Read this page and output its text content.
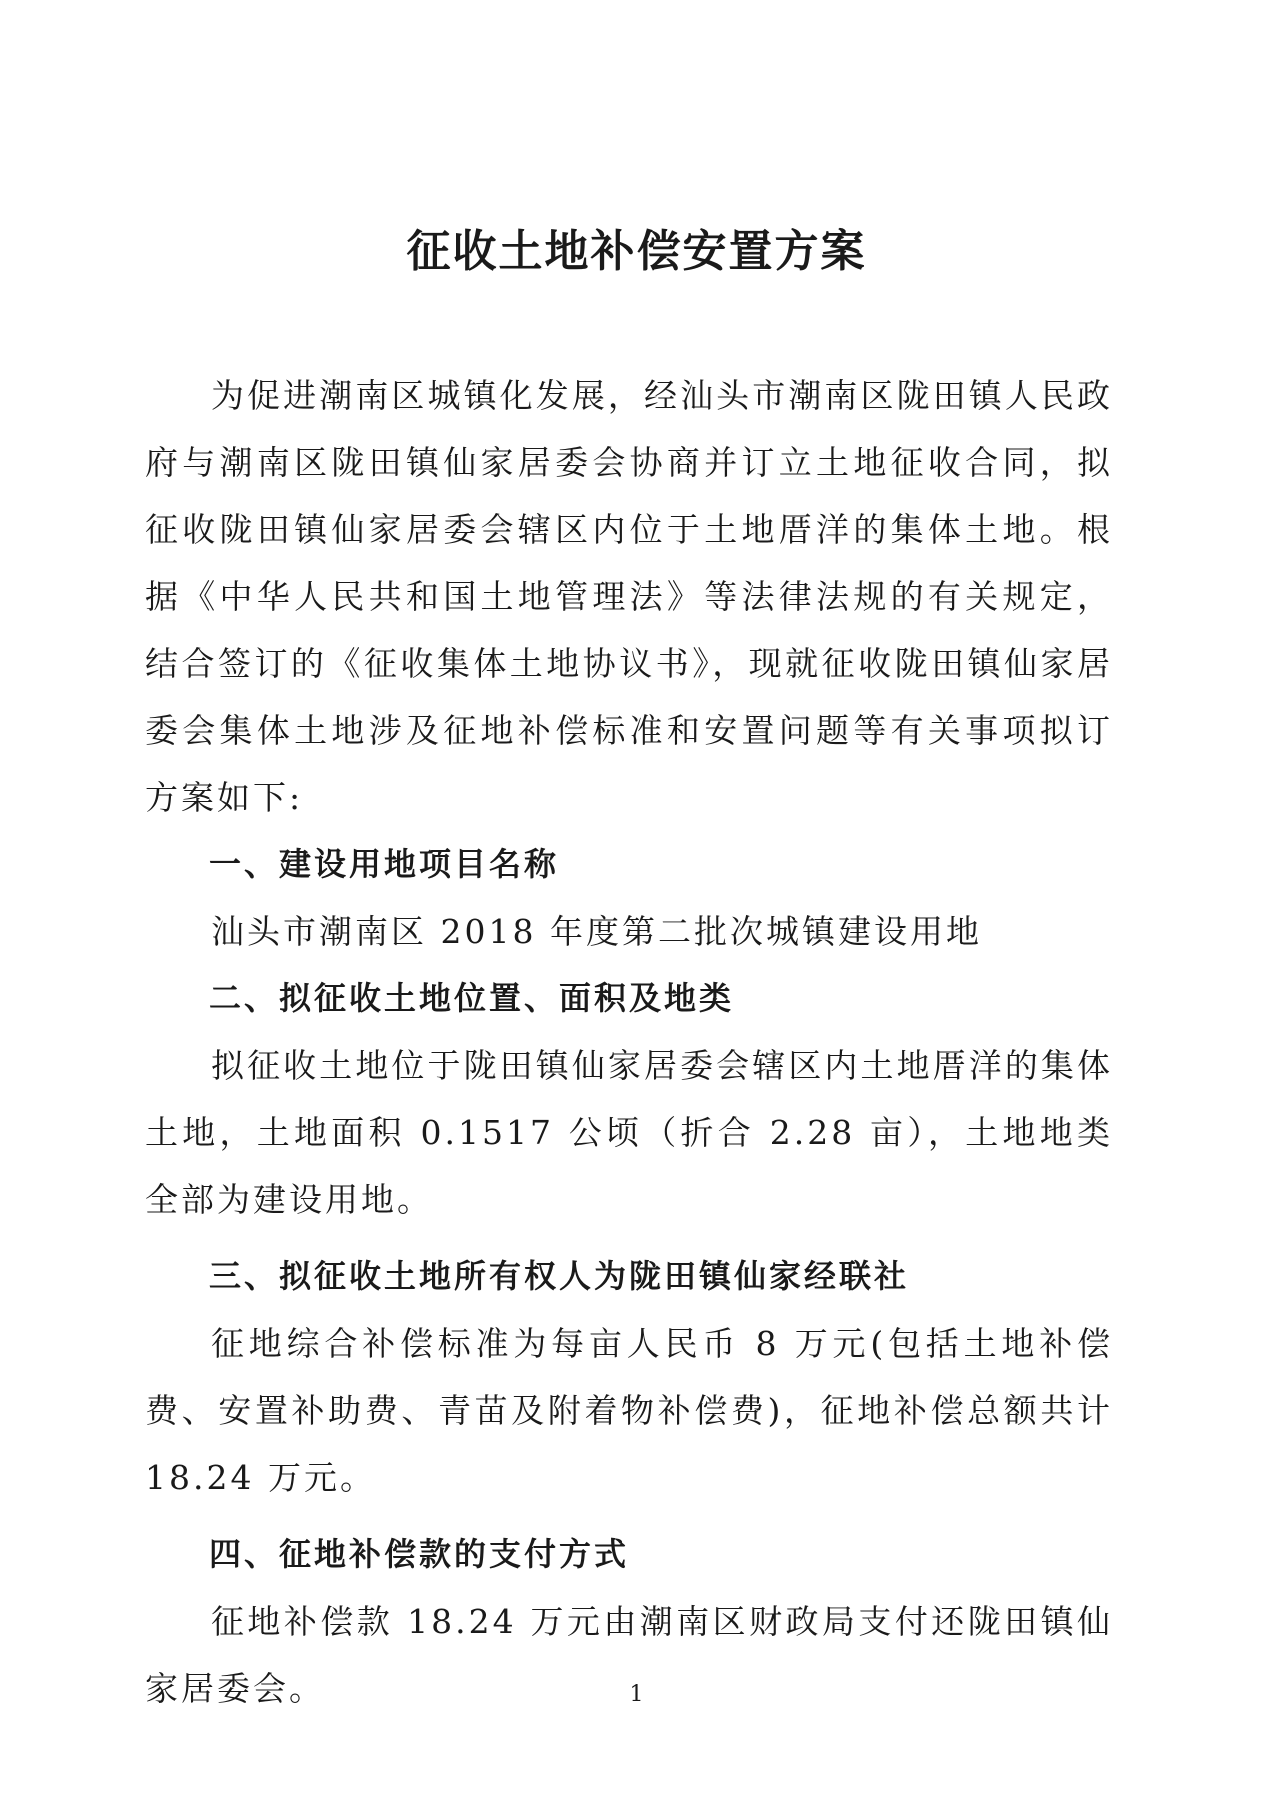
征收土地补偿安置方案

为促进潮南区城镇化发展，经汕头市潮南区陇田镇人民政府与潮南区陇田镇仙家居委会协商并订立土地征收合同，拟征收陇田镇仙家居委会辖区内位于土地厝洋的集体土地。根据《中华人民共和国土地管理法》等法律法规的有关规定，结合签订的《征收集体土地协议书》，现就征收陇田镇仙家居委会集体土地涉及征地补偿标准和安置问题等有关事项拟订方案如下:

一、建设用地项目名称

汕头市潮南区 2018 年度第二批次城镇建设用地

二、拟征收土地位置、面积及地类

拟征收土地位于陇田镇仙家居委会辖区内土地厝洋的集体土地，土地面积 0.1517 公顷（折合 2.28 亩），土地地类全部为建设用地。

三、拟征收土地所有权人为陇田镇仙家经联社

征地综合补偿标准为每亩人民币 8 万元(包括土地补偿费、安置补助费、青苗及附着物补偿费)，征地补偿总额共计 18.24 万元。

四、征地补偿款的支付方式

征地补偿款 18.24 万元由潮南区财政局支付还陇田镇仙家居委会。	1
